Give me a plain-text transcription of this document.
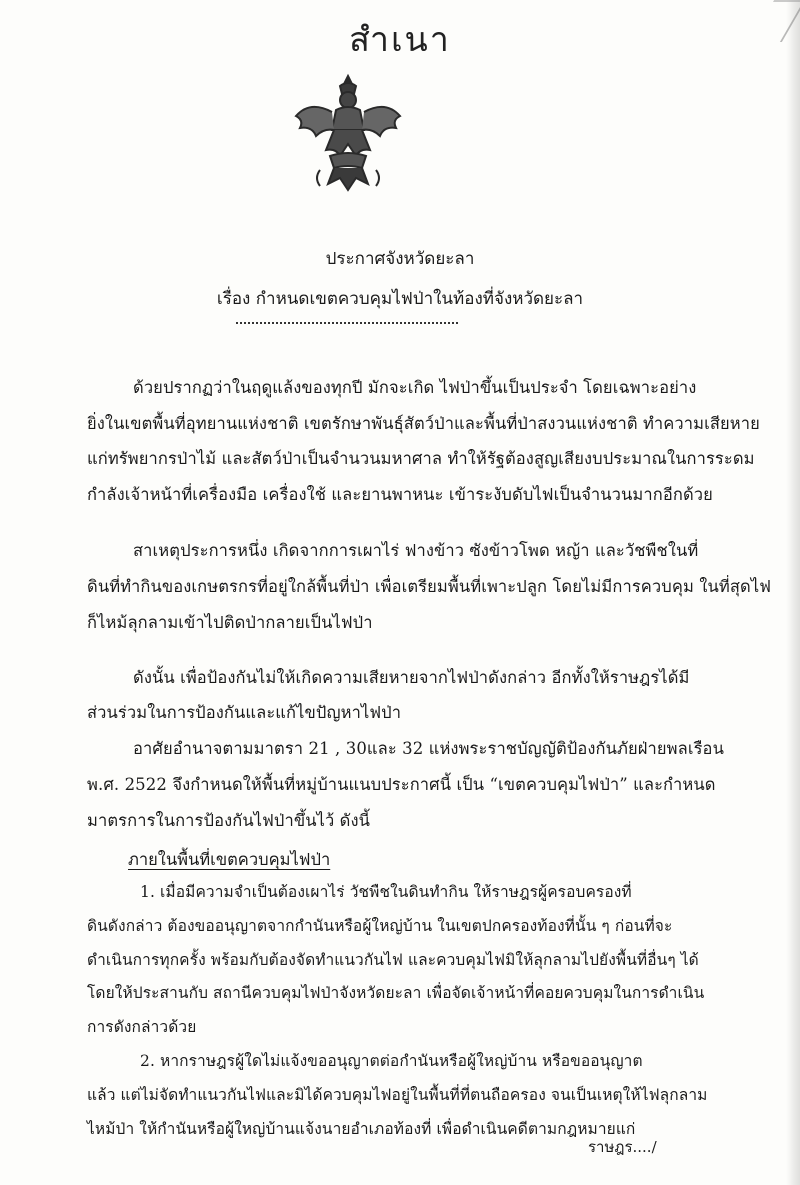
สำเนา
ประกาศจังหวัดยะลา
เรื่อง กำหนดเขตควบคุมไฟป่าในท้องที่จังหวัดยะลา
ภายในพื้นที่เขตควบคุมไฟป่า
ราษฎร..../
ด้วยปรากฏว่าในฤดูแล้งของทุกปี มักจะเกิด ไฟป่าขึ้นเป็นประจำ โดยเฉพาะอย่าง
ยิ่งในเขตพื้นที่อุทยานแห่งชาติ เขตรักษาพันธุ์สัตว์ป่าและพื้นที่ป่าสงวนแห่งชาติ ทำความเสียหาย
แก่ทรัพยากรป่าไม้ และสัตว์ป่าเป็นจำนวนมหาศาล ทำให้รัฐต้องสูญเสียงบประมาณในการระดม
กำลังเจ้าหน้าที่เครื่องมือ เครื่องใช้ และยานพาหนะ เข้าระงับดับไฟเป็นจำนวนมากอีกด้วย
สาเหตุประการหนึ่ง เกิดจากการเผาไร่ ฟางข้าว ซังข้าวโพด หญ้า และวัชพืชในที่
ดินที่ทำกินของเกษตรกรที่อยู่ใกล้พื้นที่ป่า เพื่อเตรียมพื้นที่เพาะปลูก โดยไม่มีการควบคุม ในที่สุดไฟ
ก็ไหม้ลุกลามเข้าไปติดป่ากลายเป็นไฟป่า
ดังนั้น เพื่อป้องกันไม่ให้เกิดความเสียหายจากไฟป่าดังกล่าว อีกทั้งให้ราษฎรได้มี
ส่วนร่วมในการป้องกันและแก้ไขปัญหาไฟป่า
อาศัยอำนาจตามมาตรา 21 , 30และ 32 แห่งพระราชบัญญัติป้องกันภัยฝ่ายพลเรือน
พ.ศ. 2522 จึงกำหนดให้พื้นที่หมู่บ้านแนบประกาศนี้ เป็น “เขตควบคุมไฟป่า” และกำหนด
มาตรการในการป้องกันไฟป่าขึ้นไว้ ดังนี้
1. เมื่อมีความจำเป็นต้องเผาไร่ วัชพืชในดินทำกิน ให้ราษฎรผู้ครอบครองที่
ดินดังกล่าว ต้องขออนุญาตจากกำนันหรือผู้ใหญ่บ้าน ในเขตปกครองท้องที่นั้น ๆ ก่อนที่จะ
ดำเนินการทุกครั้ง พร้อมกับต้องจัดทำแนวกันไฟ และควบคุมไฟมิให้ลุกลามไปยังพื้นที่อื่นๆ ได้
โดยให้ประสานกับ สถานีควบคุมไฟป่าจังหวัดยะลา เพื่อจัดเจ้าหน้าที่คอยควบคุมในการดำเนิน
การดังกล่าวด้วย
2. หากราษฎรผู้ใดไม่แจ้งขออนุญาตต่อกำนันหรือผู้ใหญ่บ้าน หรือขออนุญาต
แล้ว แต่ไม่จัดทำแนวกันไฟและมิได้ควบคุมไฟอยู่ในพื้นที่ที่ตนถือครอง จนเป็นเหตุให้ไฟลุกลาม
ไหม้ป่า ให้กำนันหรือผู้ใหญ่บ้านแจ้งนายอำเภอท้องที่ เพื่อดำเนินคดีตามกฎหมายแก่
